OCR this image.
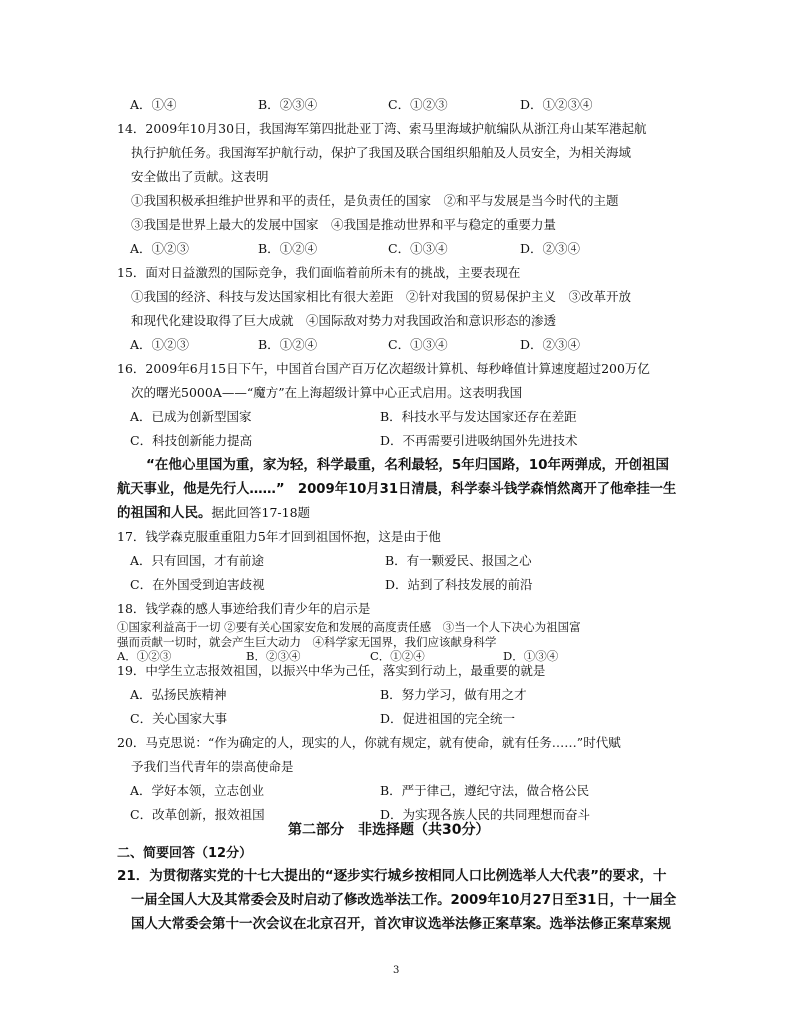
A．①④	B．②③④	C．①②③	D．①②③④
14．2009年10月30日，我国海军第四批赴亚丁湾、索马里海域护航编队从浙江舟山某军港起航
执行护航任务。我国海军护航行动，保护了我国及联合国组织船舶及人员安全，为相关海域
安全做出了贡献。这表明
①我国积极承担维护世界和平的责任，是负责任的国家　②和平与发展是当今时代的主题
③我国是世界上最大的发展中国家　④我国是推动世界和平与稳定的重要力量
A．①②③	B．①②④	C．①③④	D．②③④
15．面对日益激烈的国际竞争，我们面临着前所未有的挑战，主要表现在
①我国的经济、科技与发达国家相比有很大差距　②针对我国的贸易保护主义　③改革开放
和现代化建设取得了巨大成就　④国际敌对势力对我国政治和意识形态的渗透
A．①②③	B．①②④	C．①③④	D．②③④
16．2009年6月15日下午，中国首台国产百万亿次超级计算机、每秒峰值计算速度超过200万亿
次的曙光5000A——“魔方”在上海超级计算中心正式启用。这表明我国
A．已成为创新型国家	B．科技水平与发达国家还存在差距
C．科技创新能力提高	D．不再需要引进吸纳国外先进技术
“在他心里国为重，家为轻，科学最重，名利最轻，5年归国路，10年两弹成，开创祖国
航天事业，他是先行人……”　2009年10月31日清晨，科学泰斗钱学森悄然离开了他牵挂一生
的祖国和人民。据此回答17-18题
17．钱学森克服重重阻力5年才回到祖国怀抱，这是由于他
A．只有回国，才有前途	B．有一颗爱民、报国之心
C．在外国受到迫害歧视	D．站到了科技发展的前沿
18．钱学森的感人事迹给我们青少年的启示是
①国家利益高于一切 ②要有关心国家安危和发展的高度责任感　③当一个人下决心为祖国富
强而贡献一切时，就会产生巨大动力　④科学家无国界，我们应该献身科学
A．①②③	B．②③④	C．①②④	D．①③④
19．中学生立志报效祖国，以振兴中华为己任，落实到行动上，最重要的就是
A．弘扬民族精神	B．努力学习，做有用之才
C．关心国家大事	D．促进祖国的完全统一
20．马克思说：“作为确定的人，现实的人，你就有规定，就有使命，就有任务……”时代赋
予我们当代青年的崇高使命是
A．学好本领，立志创业	B．严于律己，遵纪守法，做合格公民
C．改革创新，报效祖国	D．为实现各族人民的共同理想而奋斗
第二部分　非选择题（共30分）
二、简要回答（12分）
21．为贯彻落实党的十七大提出的“逐步实行城乡按相同人口比例选举人大代表”的要求，十
一届全国人大及其常委会及时启动了修改选举法工作。2009年10月27日至31日，十一届全
国人大常委会第十一次会议在北京召开，首次审议选举法修正案草案。选举法修正案草案规
3
